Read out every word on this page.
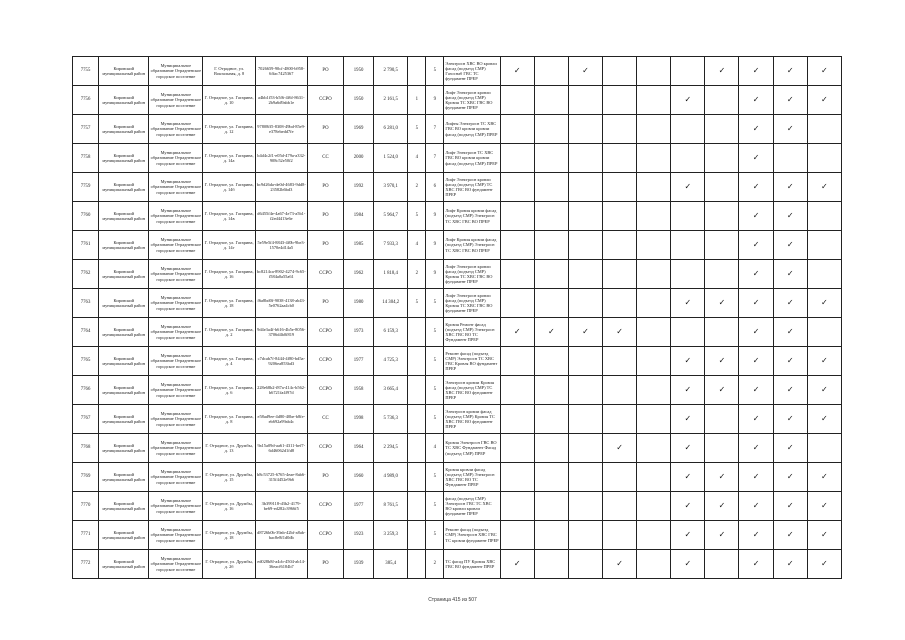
7755	Кировский муниципальный район	Муниципальное образование Отрадненское городское поселение	Г. Отрадное, ул. Вокзальная, д. 8	7026659-90cf-4800-b958-6ffac7425367	РО	1950	2 790,5		5	Электросн ХВС ВО кровли фасад (подъезд СМР) Газоснаб ГВС ТС фундамент ПРЕР	✓		✓				✓	✓	✓	✓
7756	Кировский муниципальный район	Муниципальное образование Отрадненское городское поселение	Г. Отрадное, ул. Гагарина, д. 10	a4bb1f53-b5f6-4f6f-8631-2b9a6d9abb1e	ССРО	1950	2 161,5	1	9	Лифт Электросн кровли фасад (подъезд СМР) Кровля ТС ХВС ГВС ВО фундамент ПРЕР						✓		✓	✓	✓
7757	Кировский муниципальный район	Муниципальное образование Отрадненское городское поселение	Г. Отрадное, ул. Гагарина, д. 12	97808ff5-8308-49bd-85e9-e378ebedd7fe	РО	1969	6 281,0	5	7	Лифты Электросн ТС ХВС ГВС ВО кровли кровли фасад (подъезд СМР) ПРЕР								✓	✓	
7758	Кировский муниципальный район	Муниципальное образование Отрадненское городское поселение	Г. Отрадное, ул. Гагарина, д. 14а	b4d4c2f1-e05d-479a-a332-908c52e50f2	СС	2000	1 524,0	4	7	Лифт Электросн ТС ХВС ГВС ВО кровли кровли фасад (подъезд СМР) ПРЕР								✓		
7759	Кировский муниципальный район	Муниципальное образование Отрадненское городское поселение	Г. Отрадное, ул. Гагарина, д. 14б	bc9d26da-de0d-4683-9dd8-23582b6bd3	РО	1992	3 970,1	2	6	Лифт Электросн кровли фасад (подъезд СМР) ТС ХВС ГВС ВО фундамент ПРЕР						✓		✓	✓	✓
7760	Кировский муниципальный район	Муниципальное образование Отрадненское городское поселение	Г. Отрадное, ул. Гагарина, д. 14в	d6455f4e-4a67-4e73-a5b1-f2ed4413e6e	РО	1984	5 964,7	5	9	Лифт Кровля кровли фасад (подъезд СМР) Электросн ТС ХВС ГВС ВО ПРЕР								✓	✓	
7761	Кировский муниципальный район	Муниципальное образование Отрадненское городское поселение	Г. Отрадное, ул. Гагарина, д. 14г	5e59e5f4-8843-4f0b-9be3-1570e4d14a5	РО	1985	7 933,3	4	9	Лифт Кровля кровли фасад (подъезд СМР) Электросн ТС ХВС ГВС ВО ПРЕР								✓	✓	
7762	Кировский муниципальный район	Муниципальное образование Отрадненское городское поселение	Г. Отрадное, ул. Гагарина, д. 16	bc8214ca-8902-4274-9c65-f584a0a55a61	ССРО	1962	1 818,4	2	9	Лифт Электросн кровли фасад (подъезд СМР) Кровля ТС ХВС ГВС ВО фундамент ПРЕР								✓	✓	
7763	Кировский муниципальный район	Муниципальное образование Отрадненское городское поселение	Г. Отрадное, ул. Гагарина, д. 18	f6a8bd0f-9038-4138-ab43-5e0762aa4cb0	РО	1980	14 304,2	5	5	Лифт Электросн кровли фасад (подъезд СМР) Кровля ТС ХВС ГВС ВО фундамент ПРЕР						✓	✓	✓	✓	✓
7764	Кировский муниципальный район	Муниципальное образование Отрадненское городское поселение	Г. Отрадное, ул. Гагарина, д. 2	9d4e3a4f-b616-4b5e-8056-3706d4b0f819	ССРО	1973	6 159,3		5	Кровля Ремонт фасад (подъезд СМР) Электросн ХВС ГВС ВО ТС Фундамент ПРЕР	✓	✓	✓	✓				✓	✓	
7765	Кировский муниципальный район	Муниципальное образование Отрадненское городское поселение	Г. Отрадное, ул. Гагарина, д. 4	c7dcab7f-8444-4f80-bd5a-9206ea853bd3	ССРО	1977	4 725,3		5	Ремонт фасад (подъезд СМР) Электросн ТС ХВС ГВС Кровля ВО фундамент ПРЕР						✓	✓	✓	✓	✓
7766	Кировский муниципальный район	Муниципальное образование Отрадненское городское поселение	Г. Отрадное, ул. Гагарина, д. 6	228e68b2-f87a-414c-b562-b6721fa4f97d	ССРО	1958	3 665,4		5	Электросн кровли Кровля фасад (подъезд СМР) ТС ХВС ГВС ВО фундамент ПРЕР						✓	✓	✓	✓	✓
7767	Кировский муниципальный район	Муниципальное образование Отрадненское городское поселение	Г. Отрадное, ул. Гагарина, д. 8	e58ad9ee-4d80-40be-b8fe-eb692a99ab4c	СС	1998	5 736,3		5	Электросн кровли фасад (подъезд СМР) Кровля ТС ХВС ГВС ВО фундамент ПРЕР						✓		✓	✓	✓
7768	Кировский муниципальный район	Муниципальное образование Отрадненское городское поселение	Г. Отрадное, ул. Дружбы, д. 13	9a15a09d-aa61-4311-bef7-6d46062d1fd8	ССРО	1964	2 294,5		4	Кровля Электросн ГВС ВО ТС ХВС Фундамент Фасад (подъезд СМР) ПРЕР				✓		✓		✓	✓	
7769	Кировский муниципальный район	Муниципальное образование Отрадненское городское поселение	Г. Отрадное, ул. Дружбы, д. 15	b8c53725-6765-4eae-8ab6-315f4452e9b6	РО	1960	4 989,0		5	Кровля кровли фасад (подъезд СМР) Электросн ХВС ГВС ВО ТС Фундамент ПРЕР						✓	✓	✓	✓	✓
7770	Кировский муниципальный район	Муниципальное образование Отрадненское городское поселение	Г. Отрадное, ул. Дружбы, д. 16	3b399118-d3b2-4179-be69-ed282c3966f5	ССРО	1977	8 761,5		5	фасад (подъезд СМР) Электросн ГВС ТС ХВС ВО кровли кровли фундамент ПРЕР						✓	✓	✓	✓	✓
7771	Кировский муниципальный район	Муниципальное образование Отрадненское городское поселение	Г. Отрадное, ул. Дружбы, д. 18	d8726b0b-39ab-42bf-a8ab-bac8e8f1d0db	ССРО	1923	3 259,3		5	Ремонт фасад (подъезд СМР) Электросн ХВС ГВС ТС кровли фундамент ПРЕР						✓	✓	✓	✓	✓
7772	Кировский муниципальный район	Муниципальное образование Отрадненское городское поселение	Г. Отрадное, ул. Дружбы, д. 2б	ed028b8f-a4cb-4504-ab14-36eacf6184b7	РО	1939	385,4		2	ТС фасад ПУ Кровля ХВС ГВС ВО фундамент ПРЕР	✓			✓		✓		✓	✓	✓
Страница 415 из 507
